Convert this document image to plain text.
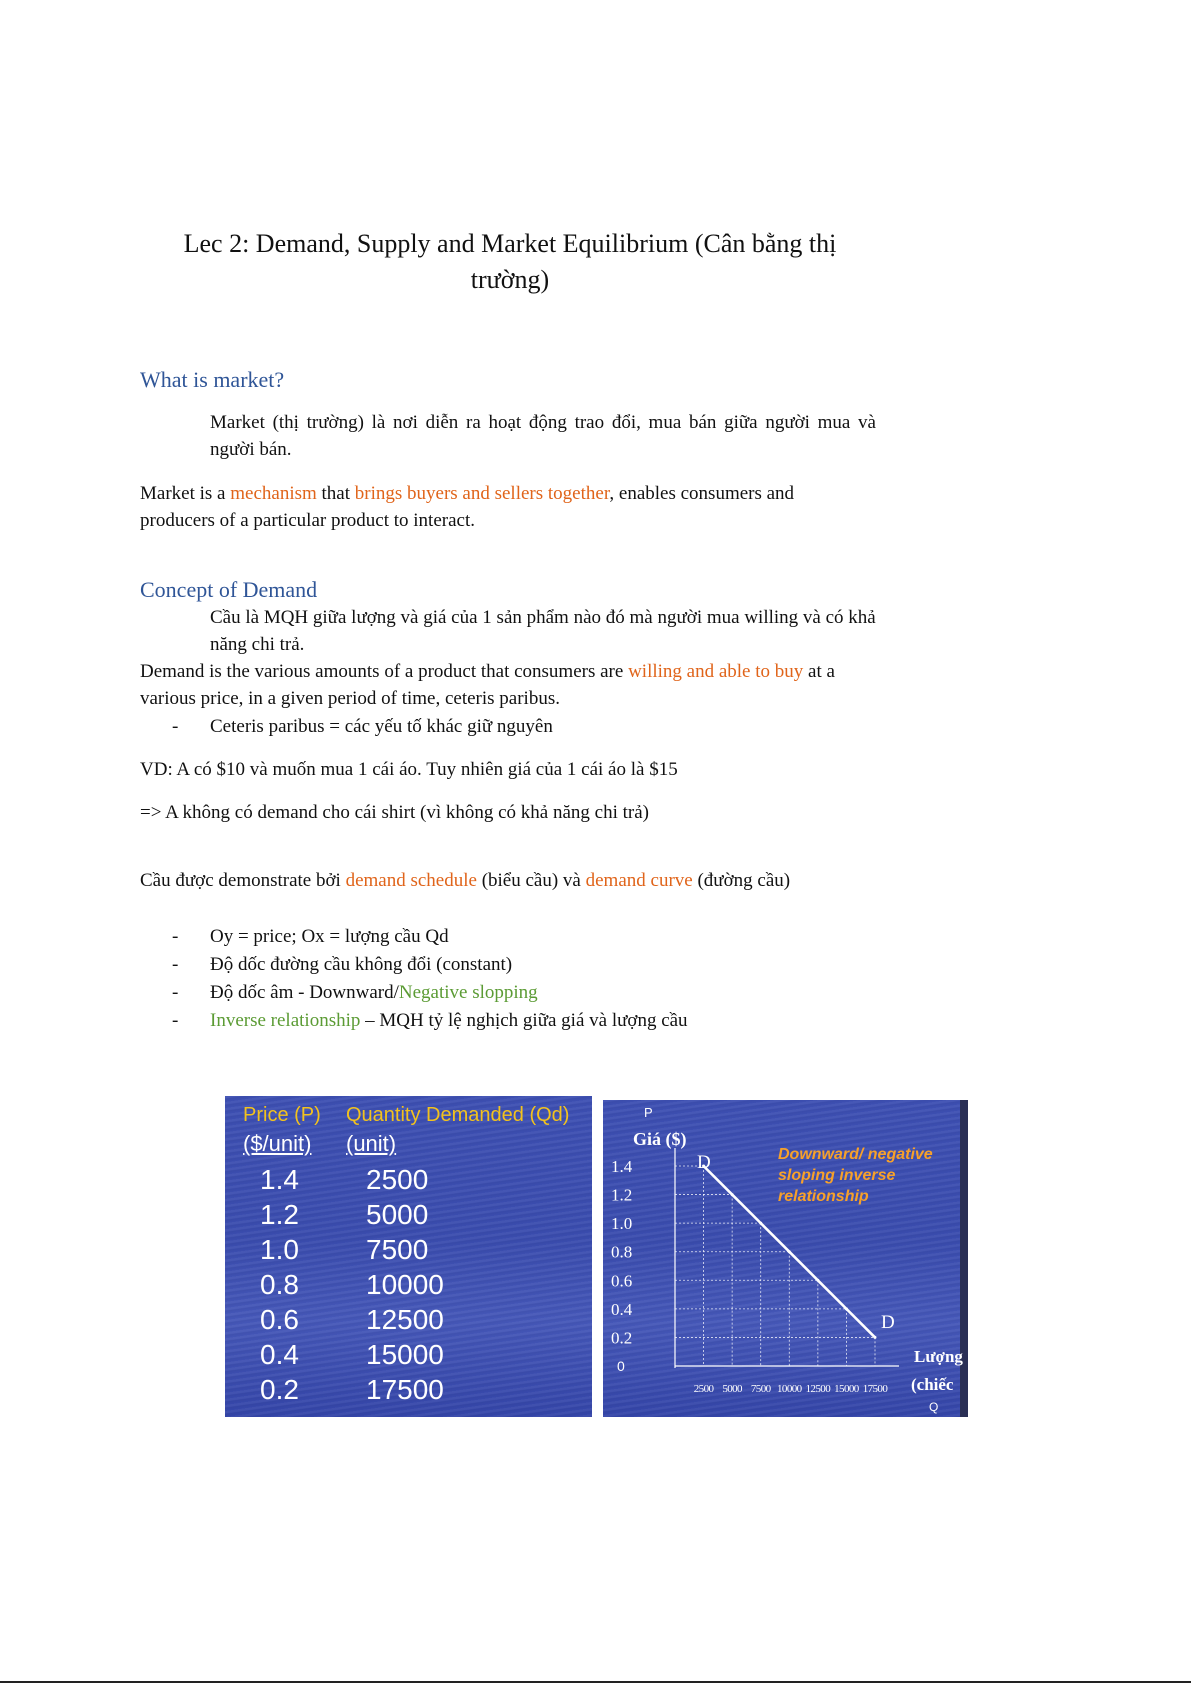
Lec 2: Demand, Supply and Market Equilibrium (Cân bằng thị trường)
What is market?
Market (thị trường) là nơi diễn ra hoạt động trao đổi, mua bán giữa người mua và người bán.
Market is a mechanism that brings buyers and sellers together, enables consumers and producers of a particular product to interact.
Concept of Demand
Cầu là MQH giữa lượng và giá của 1 sản phẩm nào đó mà người mua willing và có khả năng chi trả.
Demand is the various amounts of a product that consumers are willing and able to buy at a various price, in a given period of time, ceteris paribus.
- Ceteris paribus = các yếu tố khác giữ nguyên
VD: A có $10 và muốn mua 1 cái áo. Tuy nhiên giá của 1 cái áo là $15
=> A không có demand cho cái shirt (vì không có khả năng chi trả)
Cầu được demonstrate bởi demand schedule (biểu cầu) và demand curve (đường cầu)
- Oy = price; Ox = lượng cầu Qd
- Độ dốc đường cầu không đổi (constant)
- Độ dốc âm - Downward/Negative slopping
- Inverse relationship – MQH tỷ lệ nghịch giữa giá và lượng cầu
Price (P) Quantity Demanded (Qd)
($/unit) (unit)
1.4 2500
1.2 5000
1.0 7500
0.8 10000
0.6 12500
0.4 15000
0.2 17500
1.4
1.2
1.0
0.8
0.6
0.4
0.2
2500 5000 7500 10000 12500 15000 17500
0
P
Giá ($)
Lượng
(chiếc
Q
D
D
Downward/ negative sloping inverse relationship
